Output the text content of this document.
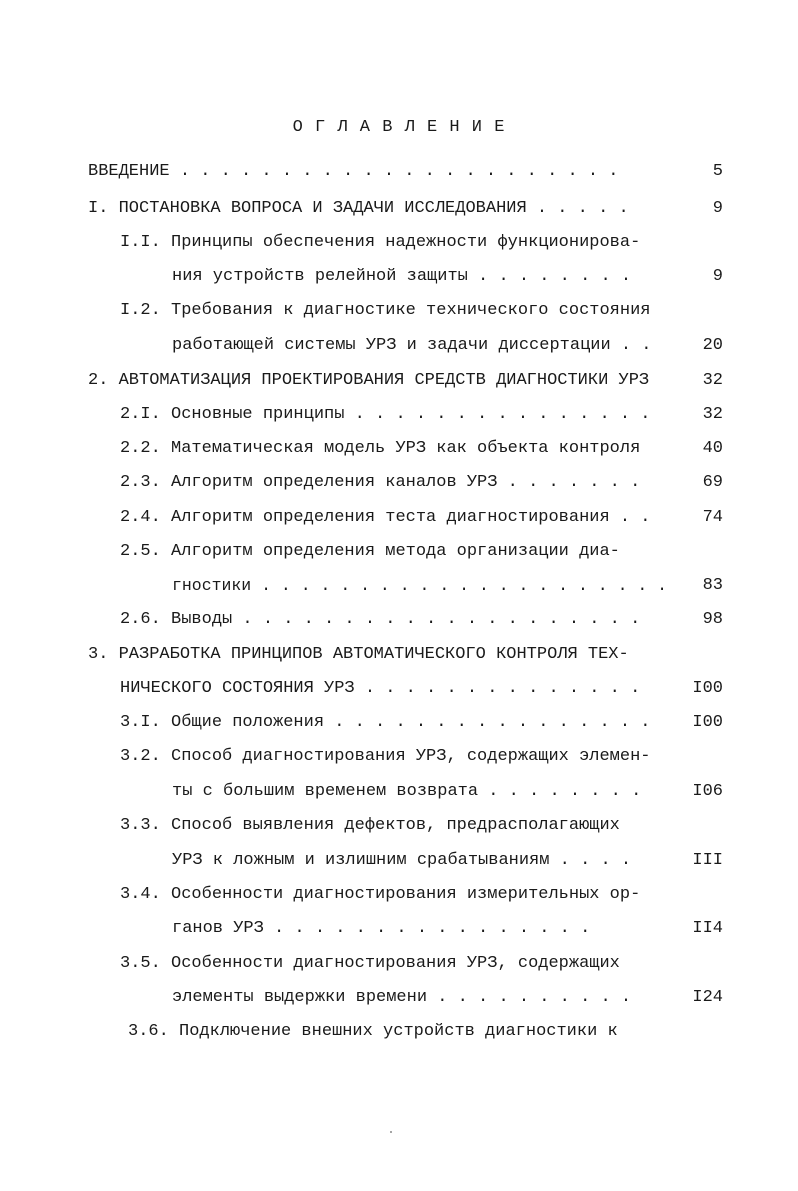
О Г Л А В Л Е Н И Е
ВВЕДЕНИЕ . . . . . . . . . . . . . . . . . . . . . .	5
I. ПОСТАНОВКА ВОПРОСА И ЗАДАЧИ ИССЛЕДОВАНИЯ . . . . .	9
I.I. Принципы обеспечения надежности функционирова-
ния устройств релейной защиты . . . . . . . .	9
I.2. Требования к диагностике технического состояния
работающей системы УРЗ и задачи диссертации . .	20
2. АВТОМАТИЗАЦИЯ ПРОЕКТИРОВАНИЯ СРЕДСТВ ДИАГНОСТИКИ УРЗ	32
2.I. Основные принципы . . . . . . . . . . . . . . .	32
2.2. Математическая модель УРЗ как объекта контроля	40
2.3. Алгоритм определения каналов УРЗ . . . . . . .	69
2.4. Алгоритм определения теста диагностирования . .	74
2.5. Алгоритм определения метода организации диа-
гностики . . . . . . . . . . . . . . . . . . . . .	83
2.6. Выводы . . . . . . . . . . . . . . . . . . . .	98
3. РАЗРАБОТКА ПРИНЦИПОВ АВТОМАТИЧЕСКОГО КОНТРОЛЯ ТЕХ-
НИЧЕСКОГО СОСТОЯНИЯ УРЗ . . . . . . . . . . . . . .	I00
3.I. Общие положения . . . . . . . . . . . . . . . .	I00
3.2. Способ диагностирования УРЗ, содержащих элемен-
ты с большим временем возврата . . . . . . . .	I06
3.3. Способ выявления дефектов, предрасполагающих
УРЗ к ложным и излишним срабатываниям . . . .	III
3.4. Особенности диагностирования измерительных ор-
ганов УРЗ . . . . . . . . . . . . . . . .	II4
3.5. Особенности диагностирования УРЗ, содержащих
элементы выдержки времени . . . . . . . . . .	I24
3.6. Подключение внешних устройств диагностики к
